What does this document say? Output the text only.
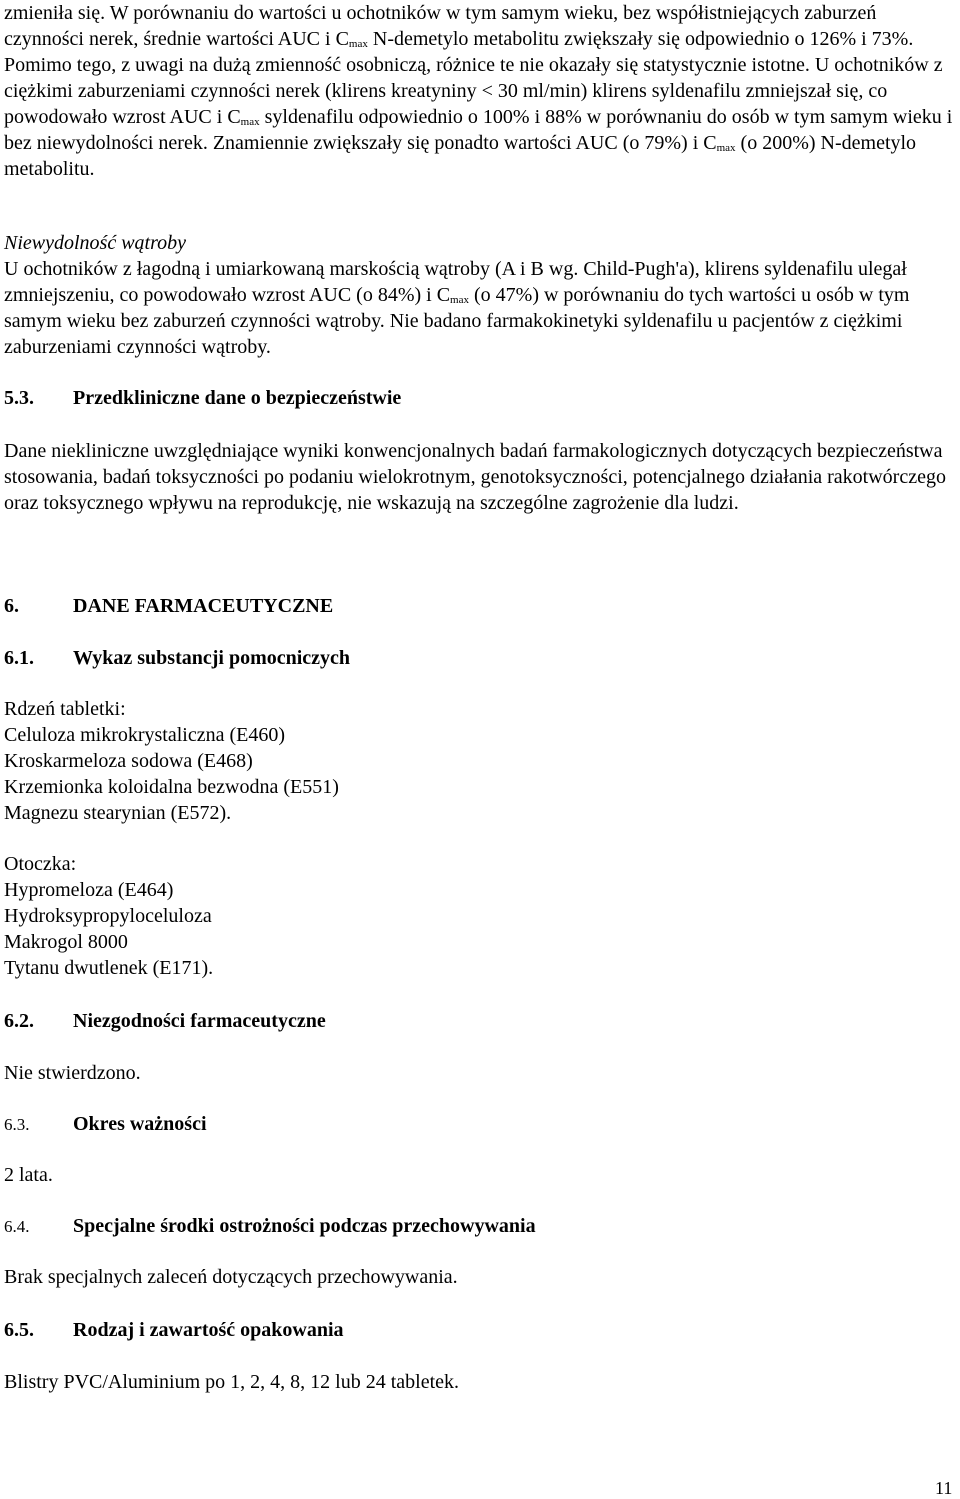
zmieniła się. W porównaniu do wartości u ochotników w tym samym wieku, bez współistniejących zaburzeń czynności nerek, średnie wartości AUC i $C_{max}$ N-demetylo metabolitu zwiększały się odpowiednio o 126% i 73%. Pomimo tego, z uwagi na dużą zmienność osobniczą, różnice te nie okazały się statystycznie istotne. U ochotników z ciężkimi zaburzeniami czynności nerek (klirens kreatyniny < 30 ml/min) klirens syldenafilu zmniejszał się, co powodowało wzrost AUC i $C_{max}$ syldenafilu odpowiednio o 100% i 88% w porównaniu do osób w tym samym wieku i bez niewydolności nerek. Znamiennie zwiększały się ponadto wartości AUC (o 79%) i $C_{max}$ (o 200%) N-demetylo metabolitu.

Niewydolność wątroby

U ochotników z łagodną i umiarkowaną marskością wątroby (A i B wg. Child-Pugh'a), klirens syldenafilu ulegał zmniejszeniu, co powodowało wzrost AUC (o 84%) i $C_{max}$ (o 47%) w porównaniu do tych wartości u osób w tym samym wieku bez zaburzeń czynności wątroby. Nie badano farmakokinetyki syldenafilu u pacjentów z ciężkimi zaburzeniami czynności wątroby.

5.3. Przedkliniczne dane o bezpieczeństwie

Dane niekliniczne uwzględniające wyniki konwencjonalnych badań farmakologicznych dotyczących bezpieczeństwa stosowania, badań toksyczności po podaniu wielokrotnym, genotoksyczności, potencjalnego działania rakotwórczego oraz toksycznego wpływu na reprodukcję, nie wskazują na szczególne zagrożenie dla ludzi.

6.	DANE FARMACEUTYCZNE
6.1. Wykaz substancji pomocniczych

Rdzeń tabletki:

Celuloza mikrokrystaliczna (E460)

Kroskarmeloza sodowa (E468)

Krzemionka koloidalna bezwodna (E551)

Magnezu stearynian (E572).

Otoczka:

Hypromeloza (E464)

Hydroksypropyloceluloza

Makrogol 8000

Tytanu dwutlenek (E171).

6.2. Niezgodności farmaceutyczne

Nie stwierdzono.

6.3. Okres ważności

2 lata.

6.4. Specjalne środki ostrożności podczas przechowywania

Brak specjalnych zaleceń dotyczących przechowywania.

6.5. Rodzaj i zawartość opakowania

Blistry PVC/Aluminium po 1, 2, 4, 8, 12 lub 24 tabletek.

11
